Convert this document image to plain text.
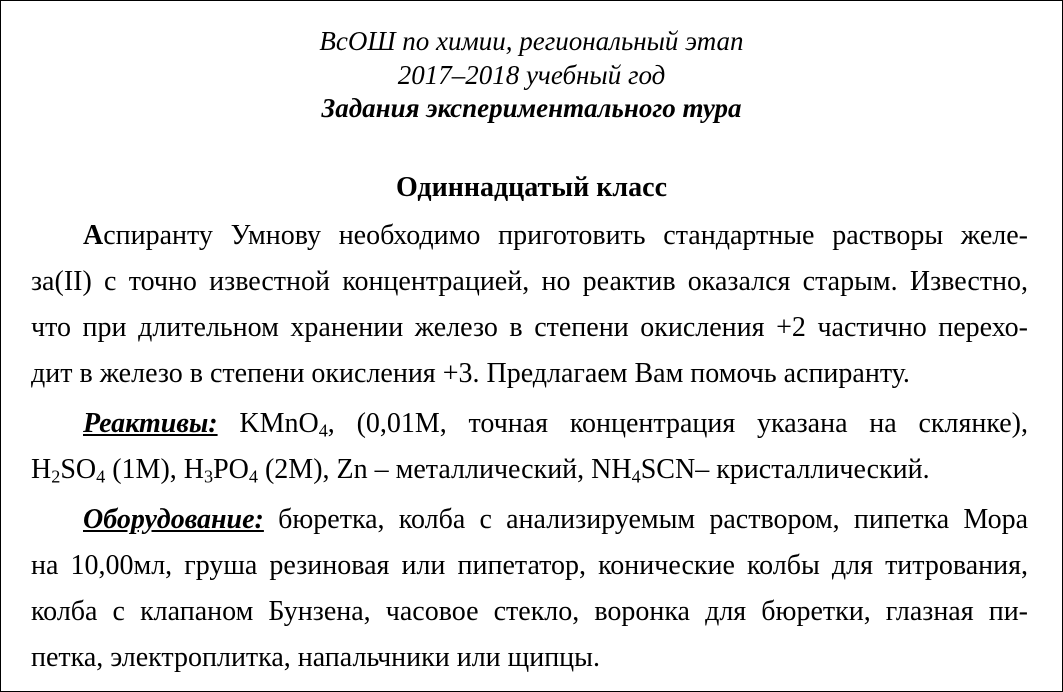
ВсОШ по химии, региональный этап
2017–2018 учебный год
Задания экспериментального тура
Одиннадцатый класс
Аспиранту Умнову необходимо приготовить стандартные растворы желе-
за(II) с точно известной концентрацией, но реактив оказался старым. Известно,
что при длительном хранении железо в степени окисления +2 частично перехо-
дит в железо в степени окисления +3. Предлагаем Вам помочь аспиранту.
Реактивы: KMnO$_4$, (0,01М, точная концентрация указана на склянке),
$H_2SO_4$ (1М), $H_3PO_4$ (2М), Zn – металлический, $NH_4SCN-$ кристаллический.
Оборудование: бюретка, колба с анализируемым раствором, пипетка Мора
на 10,00мл, груша резиновая или пипетатор, конические колбы для титрования,
колба с клапаном Бунзена, часовое стекло, воронка для бюретки, глазная пи-
петка, электроплитка, напальчники или щипцы.
